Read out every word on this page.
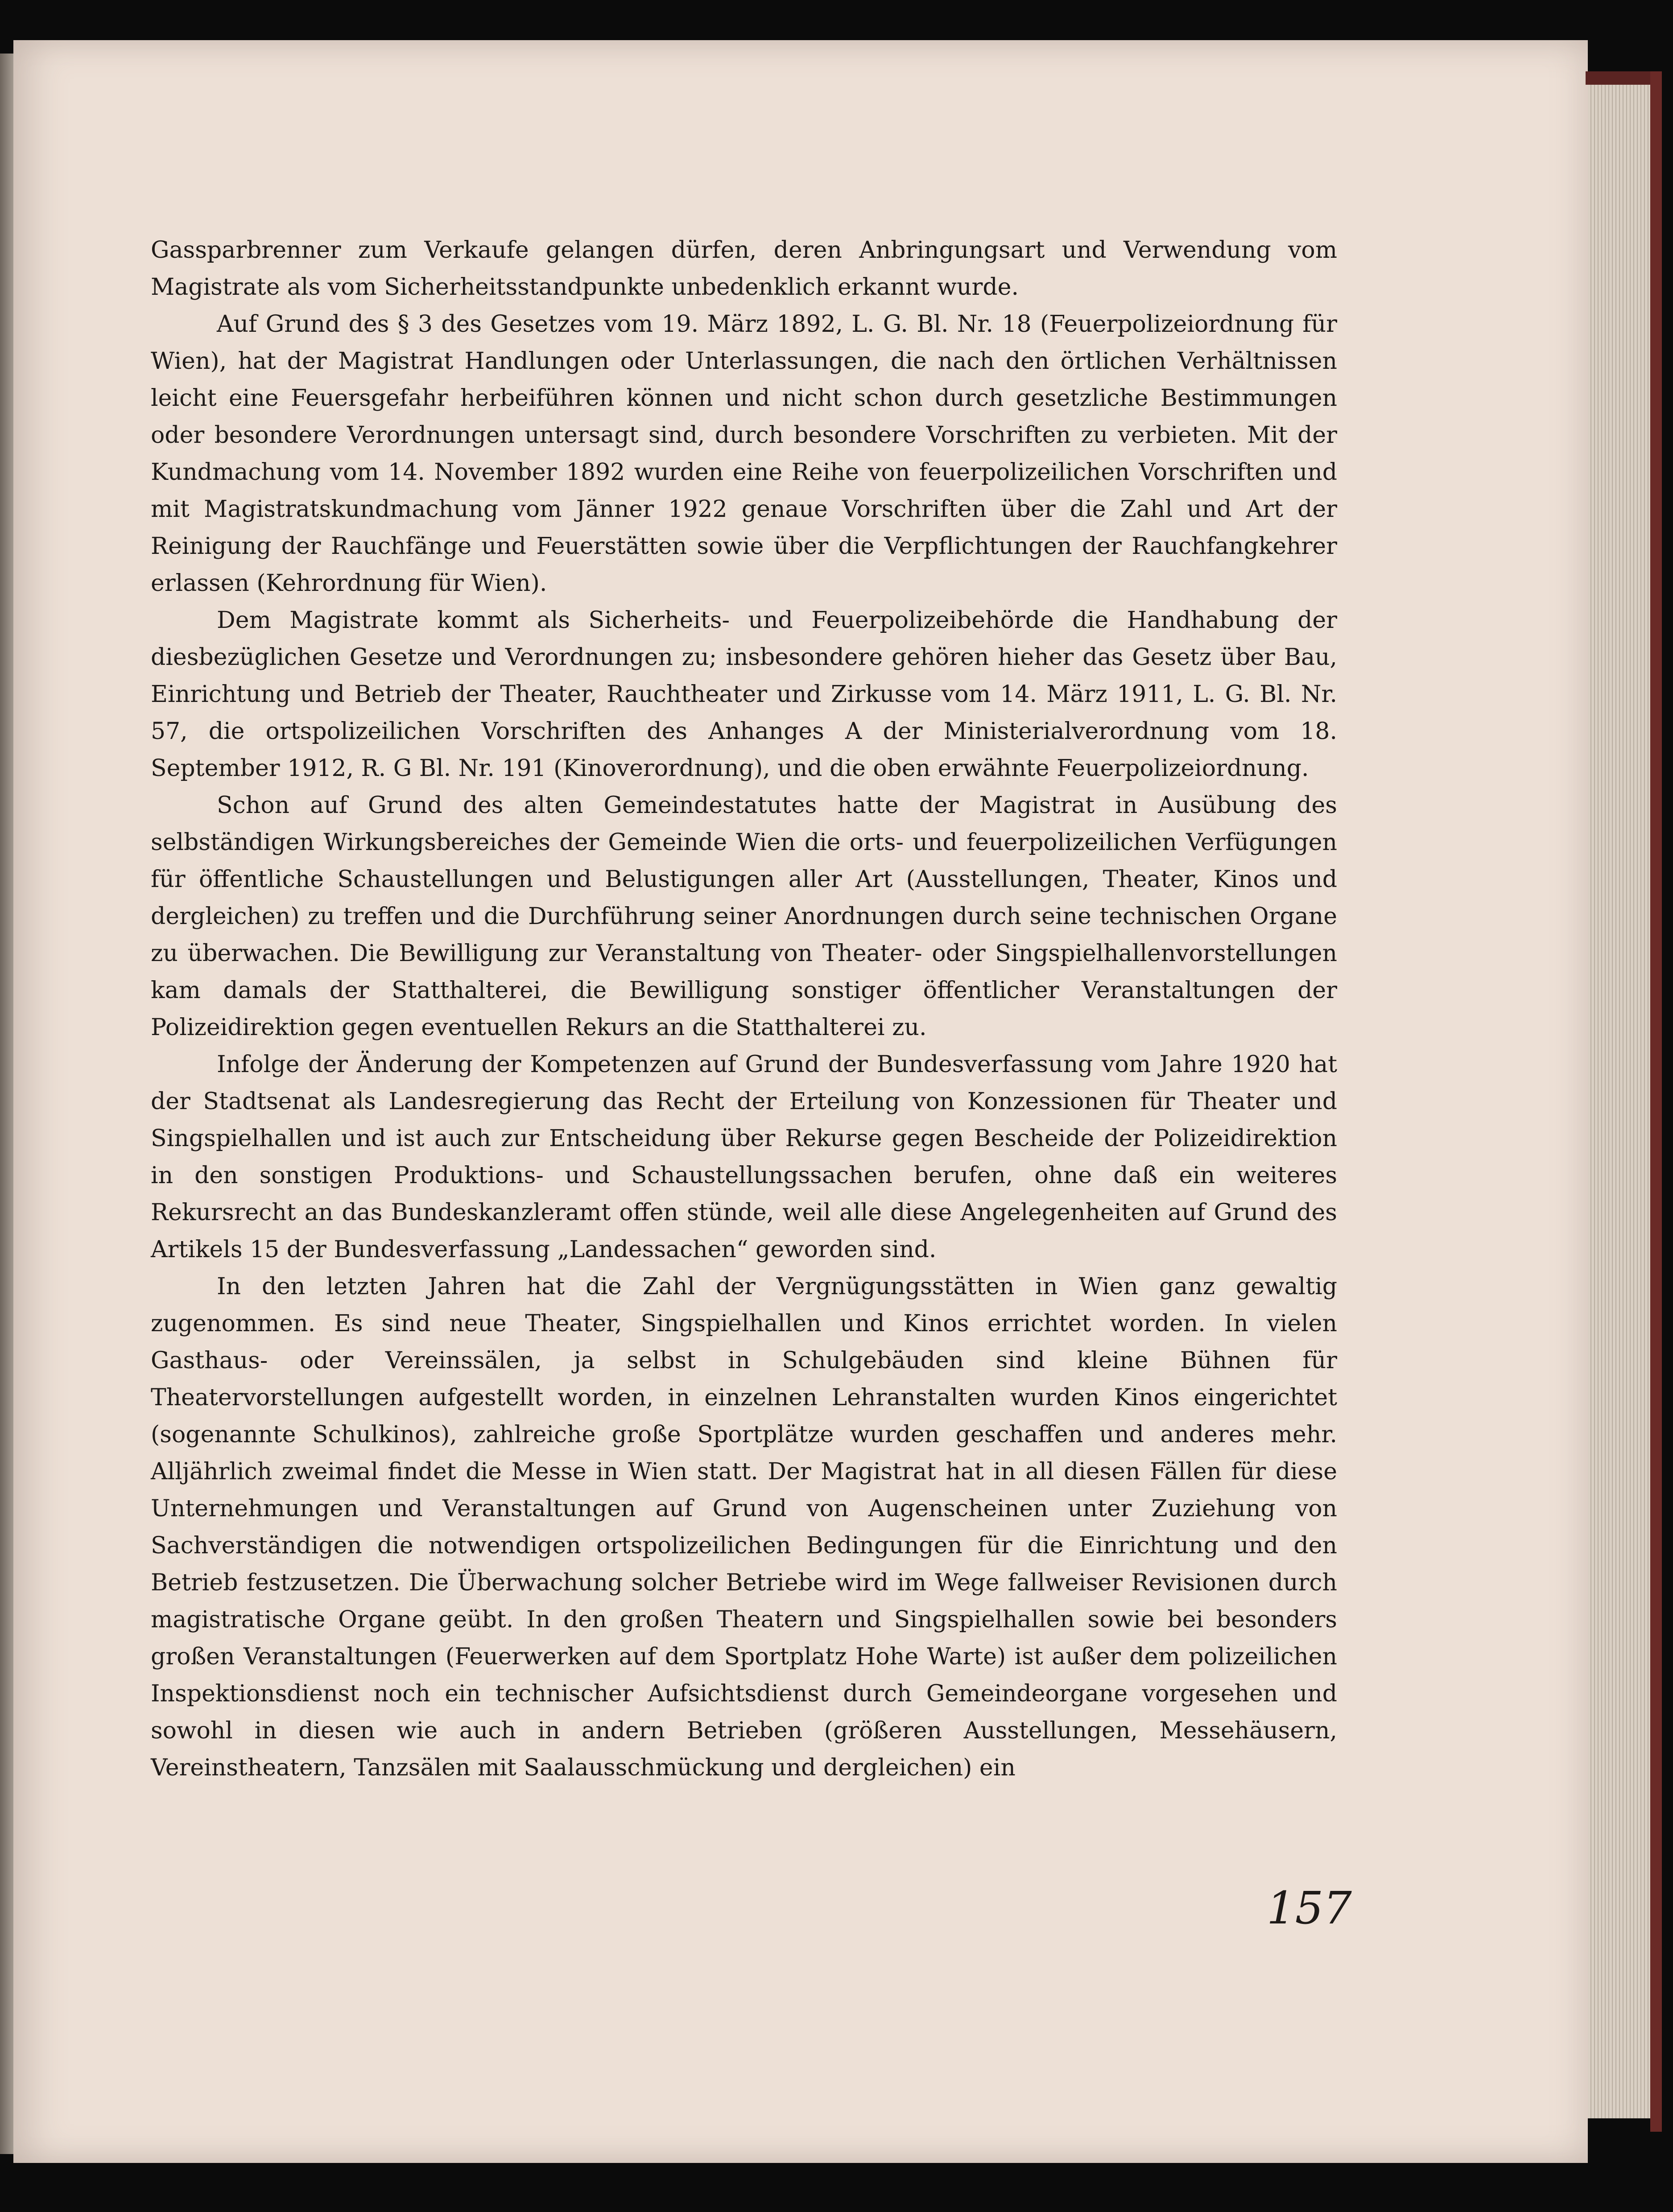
Gassparbrenner zum Verkaufe gelangen dürfen, deren Anbringungsart und Verwendung vom Magistrate als vom Sicherheitsstandpunkte unbedenklich erkannt wurde.

Auf Grund des § 3 des Gesetzes vom 19. März 1892, L. G. Bl. Nr. 18 (Feuerpolizeiordnung für Wien), hat der Magistrat Handlungen oder Unterlassungen, die nach den örtlichen Verhältnissen leicht eine Feuersgefahr herbeiführen können und nicht schon durch gesetzliche Bestimmungen oder besondere Verordnungen untersagt sind, durch besondere Vorschriften zu verbieten. Mit der Kundmachung vom 14. November 1892 wurden eine Reihe von feuerpolizeilichen Vorschriften und mit Magistratskundmachung vom Jänner 1922 genaue Vorschriften über die Zahl und Art der Reinigung der Rauchfänge und Feuerstätten sowie über die Verpflichtungen der Rauchfangkehrer erlassen (Kehrordnung für Wien).

Dem Magistrate kommt als Sicherheits- und Feuerpolizeibehörde die Handhabung der diesbezüglichen Gesetze und Verordnungen zu; insbesondere gehören hieher das Gesetz über Bau, Einrichtung und Betrieb der Theater, Rauchtheater und Zirkusse vom 14. März 1911, L. G. Bl. Nr. 57, die ortspolizeilichen Vorschriften des Anhanges A der Ministerialverordnung vom 18. September 1912, R. G Bl. Nr. 191 (Kinoverordnung), und die oben erwähnte Feuerpolizeiordnung.

Schon auf Grund des alten Gemeindestatutes hatte der Magistrat in Ausübung des selbständigen Wirkungsbereiches der Gemeinde Wien die orts- und feuerpolizeilichen Verfügungen für öffentliche Schaustellungen und Belustigungen aller Art (Ausstellungen, Theater, Kinos und dergleichen) zu treffen und die Durchführung seiner Anordnungen durch seine technischen Organe zu überwachen. Die Bewilligung zur Veranstaltung von Theater- oder Singspielhallenvorstellungen kam damals der Statthalterei, die Bewilligung sonstiger öffentlicher Veranstaltungen der Polizeidirektion gegen eventuellen Rekurs an die Statthalterei zu.

Infolge der Änderung der Kompetenzen auf Grund der Bundesverfassung vom Jahre 1920 hat der Stadtsenat als Landesregierung das Recht der Erteilung von Konzessionen für Theater und Singspielhallen und ist auch zur Entscheidung über Rekurse gegen Bescheide der Polizeidirektion in den sonstigen Produktions- und Schaustellungssachen berufen, ohne daß ein weiteres Rekursrecht an das Bundeskanzleramt offen stünde, weil alle diese Angelegenheiten auf Grund des Artikels 15 der Bundesverfassung „Landessachen“ geworden sind.

In den letzten Jahren hat die Zahl der Vergnügungsstätten in Wien ganz gewaltig zugenommen. Es sind neue Theater, Singspielhallen und Kinos errichtet worden. In vielen Gasthaus- oder Vereinssälen, ja selbst in Schulgebäuden sind kleine Bühnen für Theatervorstellungen aufgestellt worden, in einzelnen Lehranstalten wurden Kinos eingerichtet (sogenannte Schulkinos), zahlreiche große Sportplätze wurden geschaffen und anderes mehr. Alljährlich zweimal findet die Messe in Wien statt. Der Magistrat hat in all diesen Fällen für diese Unternehmungen und Veranstaltungen auf Grund von Augenscheinen unter Zuziehung von Sachverständigen die notwendigen ortspolizeilichen Bedingungen für die Einrichtung und den Betrieb festzusetzen. Die Überwachung solcher Betriebe wird im Wege fallweiser Revisionen durch magistratische Organe geübt. In den großen Theatern und Singspielhallen sowie bei besonders großen Veranstaltungen (Feuerwerken auf dem Sportplatz Hohe Warte) ist außer dem polizeilichen Inspektionsdienst noch ein technischer Aufsichtsdienst durch Gemeindeorgane vorgesehen und sowohl in diesen wie auch in andern Betrieben (größeren Ausstellungen, Messehäusern, Vereinstheatern, Tanzsälen mit Saalausschmückung und dergleichen) ein

157
